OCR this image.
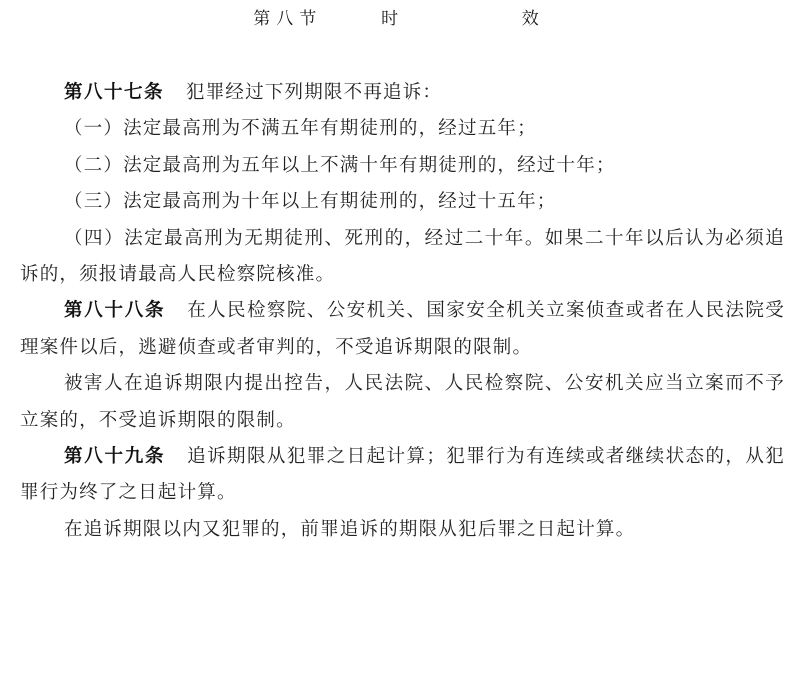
第八节  时    效

第八十七条 犯罪经过下列期限不再追诉：

（一）法定最高刑为不满五年有期徒刑的，经过五年；

（二）法定最高刑为五年以上不满十年有期徒刑的，经过十年；

（三）法定最高刑为十年以上有期徒刑的，经过十五年；

（四）法定最高刑为无期徒刑、死刑的，经过二十年。如果二十年以后认为必须追诉的，须报请最高人民检察院核准。

第八十八条 在人民检察院、公安机关、国家安全机关立案侦查或者在人民法院受理案件以后，逃避侦查或者审判的，不受追诉期限的限制。

被害人在追诉期限内提出控告，人民法院、人民检察院、公安机关应当立案而不予立案的，不受追诉期限的限制。

第八十九条 追诉期限从犯罪之日起计算；犯罪行为有连续或者继续状态的，从犯罪行为终了之日起计算。

在追诉期限以内又犯罪的，前罪追诉的期限从犯后罪之日起计算。
